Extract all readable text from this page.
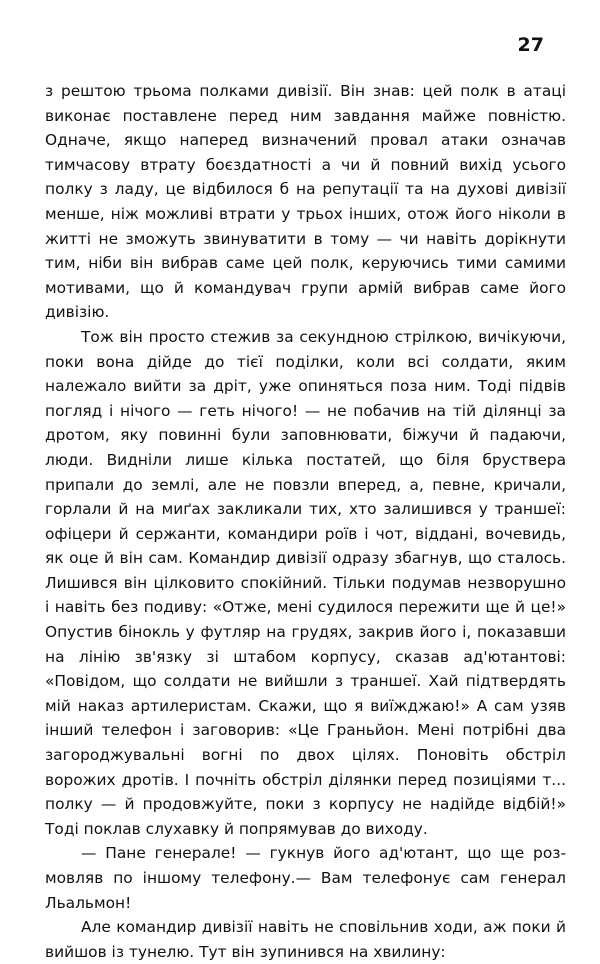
27

з рештою трьома полками дивізії. Він знав: цей полк в атаці виконає поставлене перед ним завдання майже повністю. Одначе, якщо наперед визначений провал атаки означав тимчасову втрату боєздатності а чи й повний вихід усього полку з ладу, це відбилося б на репутації та на духові дивізії менше, ніж можливі втрати у трьох інших, отож його ніколи в житті не зможуть звинуватити в тому — чи навіть дорікнути тим, ніби він вибрав саме цей полк, керуючись тими самими мотивами, що й командувач групи армій вибрав саме його дивізію.

Тож він просто стежив за секундною стрілкою, вичікуючи, поки вона дійде до тієї поділки, коли всі солдати, яким належало вийти за дріт, уже опиняться поза ним. Тоді підвів погляд і нічого — геть нічого! — не побачив на тій ділянці за дротом, яку повинні були заповнювати, біжучи й падаючи, люди. Видніли лише кілька постатей, що біля бруствера припали до землі, але не повзли вперед, а, певне, кричали, горлали й на миґах закликали тих, хто залишився у траншеї: офіцери й сержанти, командири роїв і чот, віддані, вочевидь, як оце й він сам. Командир дивізії одразу збагнув, що сталось. Лишився він цілковито спокійний. Тільки подумав незворушно і навіть без подиву: «Отже, мені судилося пережити ще й це!» Опустив бінокль у футляр на грудях, закрив його і, показавши на лінію зв'язку зі штабом корпусу, сказав ад'ютантові: «Повідом, що солдати не вийшли з траншеї. Хай підтвердять мій наказ артилеристам. Скажи, що я виїжджаю!» А сам узяв інший телефон і заговорив: «Це Граньйон. Мені потрібні два загороджувальні вогні по двох цілях. Поновіть обстріл ворожих дротів. І почніть обстріл ділянки перед позиціями т... полку — й продовжуйте, поки з корпусу не надійде відбій!» Тоді поклав слухавку й попрямував до виходу.

— Пане генерале! — гукнув його ад'ютант, що ще розмовляв по іншому телефону.— Вам телефонує сам генерал Льальмон!

Але командир дивізії навіть не сповільнив ходи, аж поки й вийшов із тунелю. Тут він зупинився на хвилину:
